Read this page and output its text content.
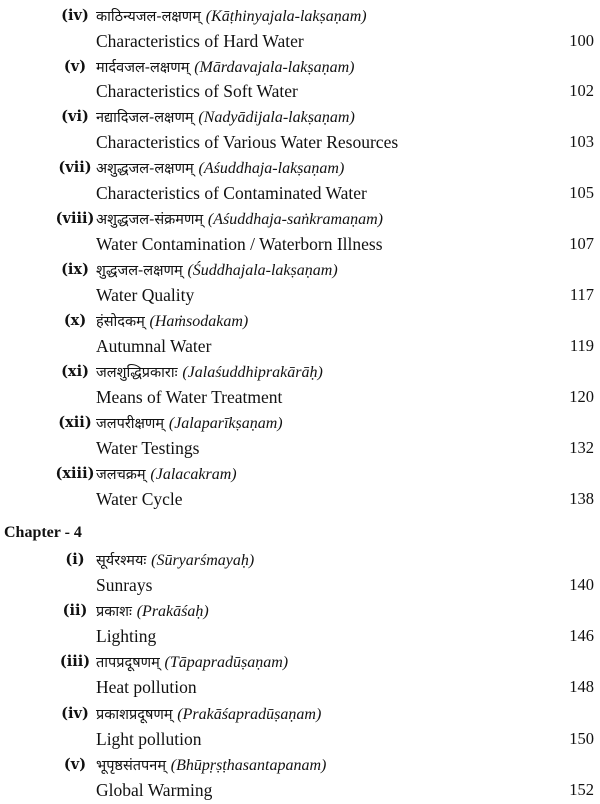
(iv) काठिन्यजल-लक्षणम् (Kāṭhinyajala-lakṣaṇam)
Characteristics of Hard Water	100
(v) मार्दवजल-लक्षणम् (Mārdavajala-lakṣaṇam)
Characteristics of Soft Water	102
(vi) नद्यादिजल-लक्षणम् (Nadyādijala-lakṣaṇam)
Characteristics of Various Water Resources	103
(vii) अशुद्धजल-लक्षणम् (Aśuddhaja-lakṣaṇam)
Characteristics of Contaminated Water	105
(viii) अशुद्धजल-संक्रमणम् (Aśuddhaja-saṅkramaṇam)
Water Contamination / Waterborn Illness	107
(ix) शुद्धजल-लक्षणम् (Śuddhajala-lakṣaṇam)
Water Quality	117
(x) हंसोदकम् (Haṁsodakam)
Autumnal Water	119
(xi) जलशुद्धिप्रकाराः (Jalaśuddhiprakārāḥ)
Means of Water Treatment	120
(xii) जलपरीक्षणम् (Jalaparīkṣaṇam)
Water Testings	132
(xiii) जलचक्रम् (Jalacakram)
Water Cycle	138
Chapter - 4
(i) सूर्यरश्मयः (Sūryarśmayaḥ)
Sunrays	140
(ii) प्रकाशः (Prakāśaḥ)
Lighting	146
(iii) तापप्रदूषणम् (Tāpapradūṣaṇam)
Heat pollution	148
(iv) प्रकाशप्रदूषणम् (Prakāśapradūṣaṇam)
Light pollution	150
(v) भूपृष्ठसंतपनम् (Bhūpṛṣṭhasantapanam)
Global Warming	152
